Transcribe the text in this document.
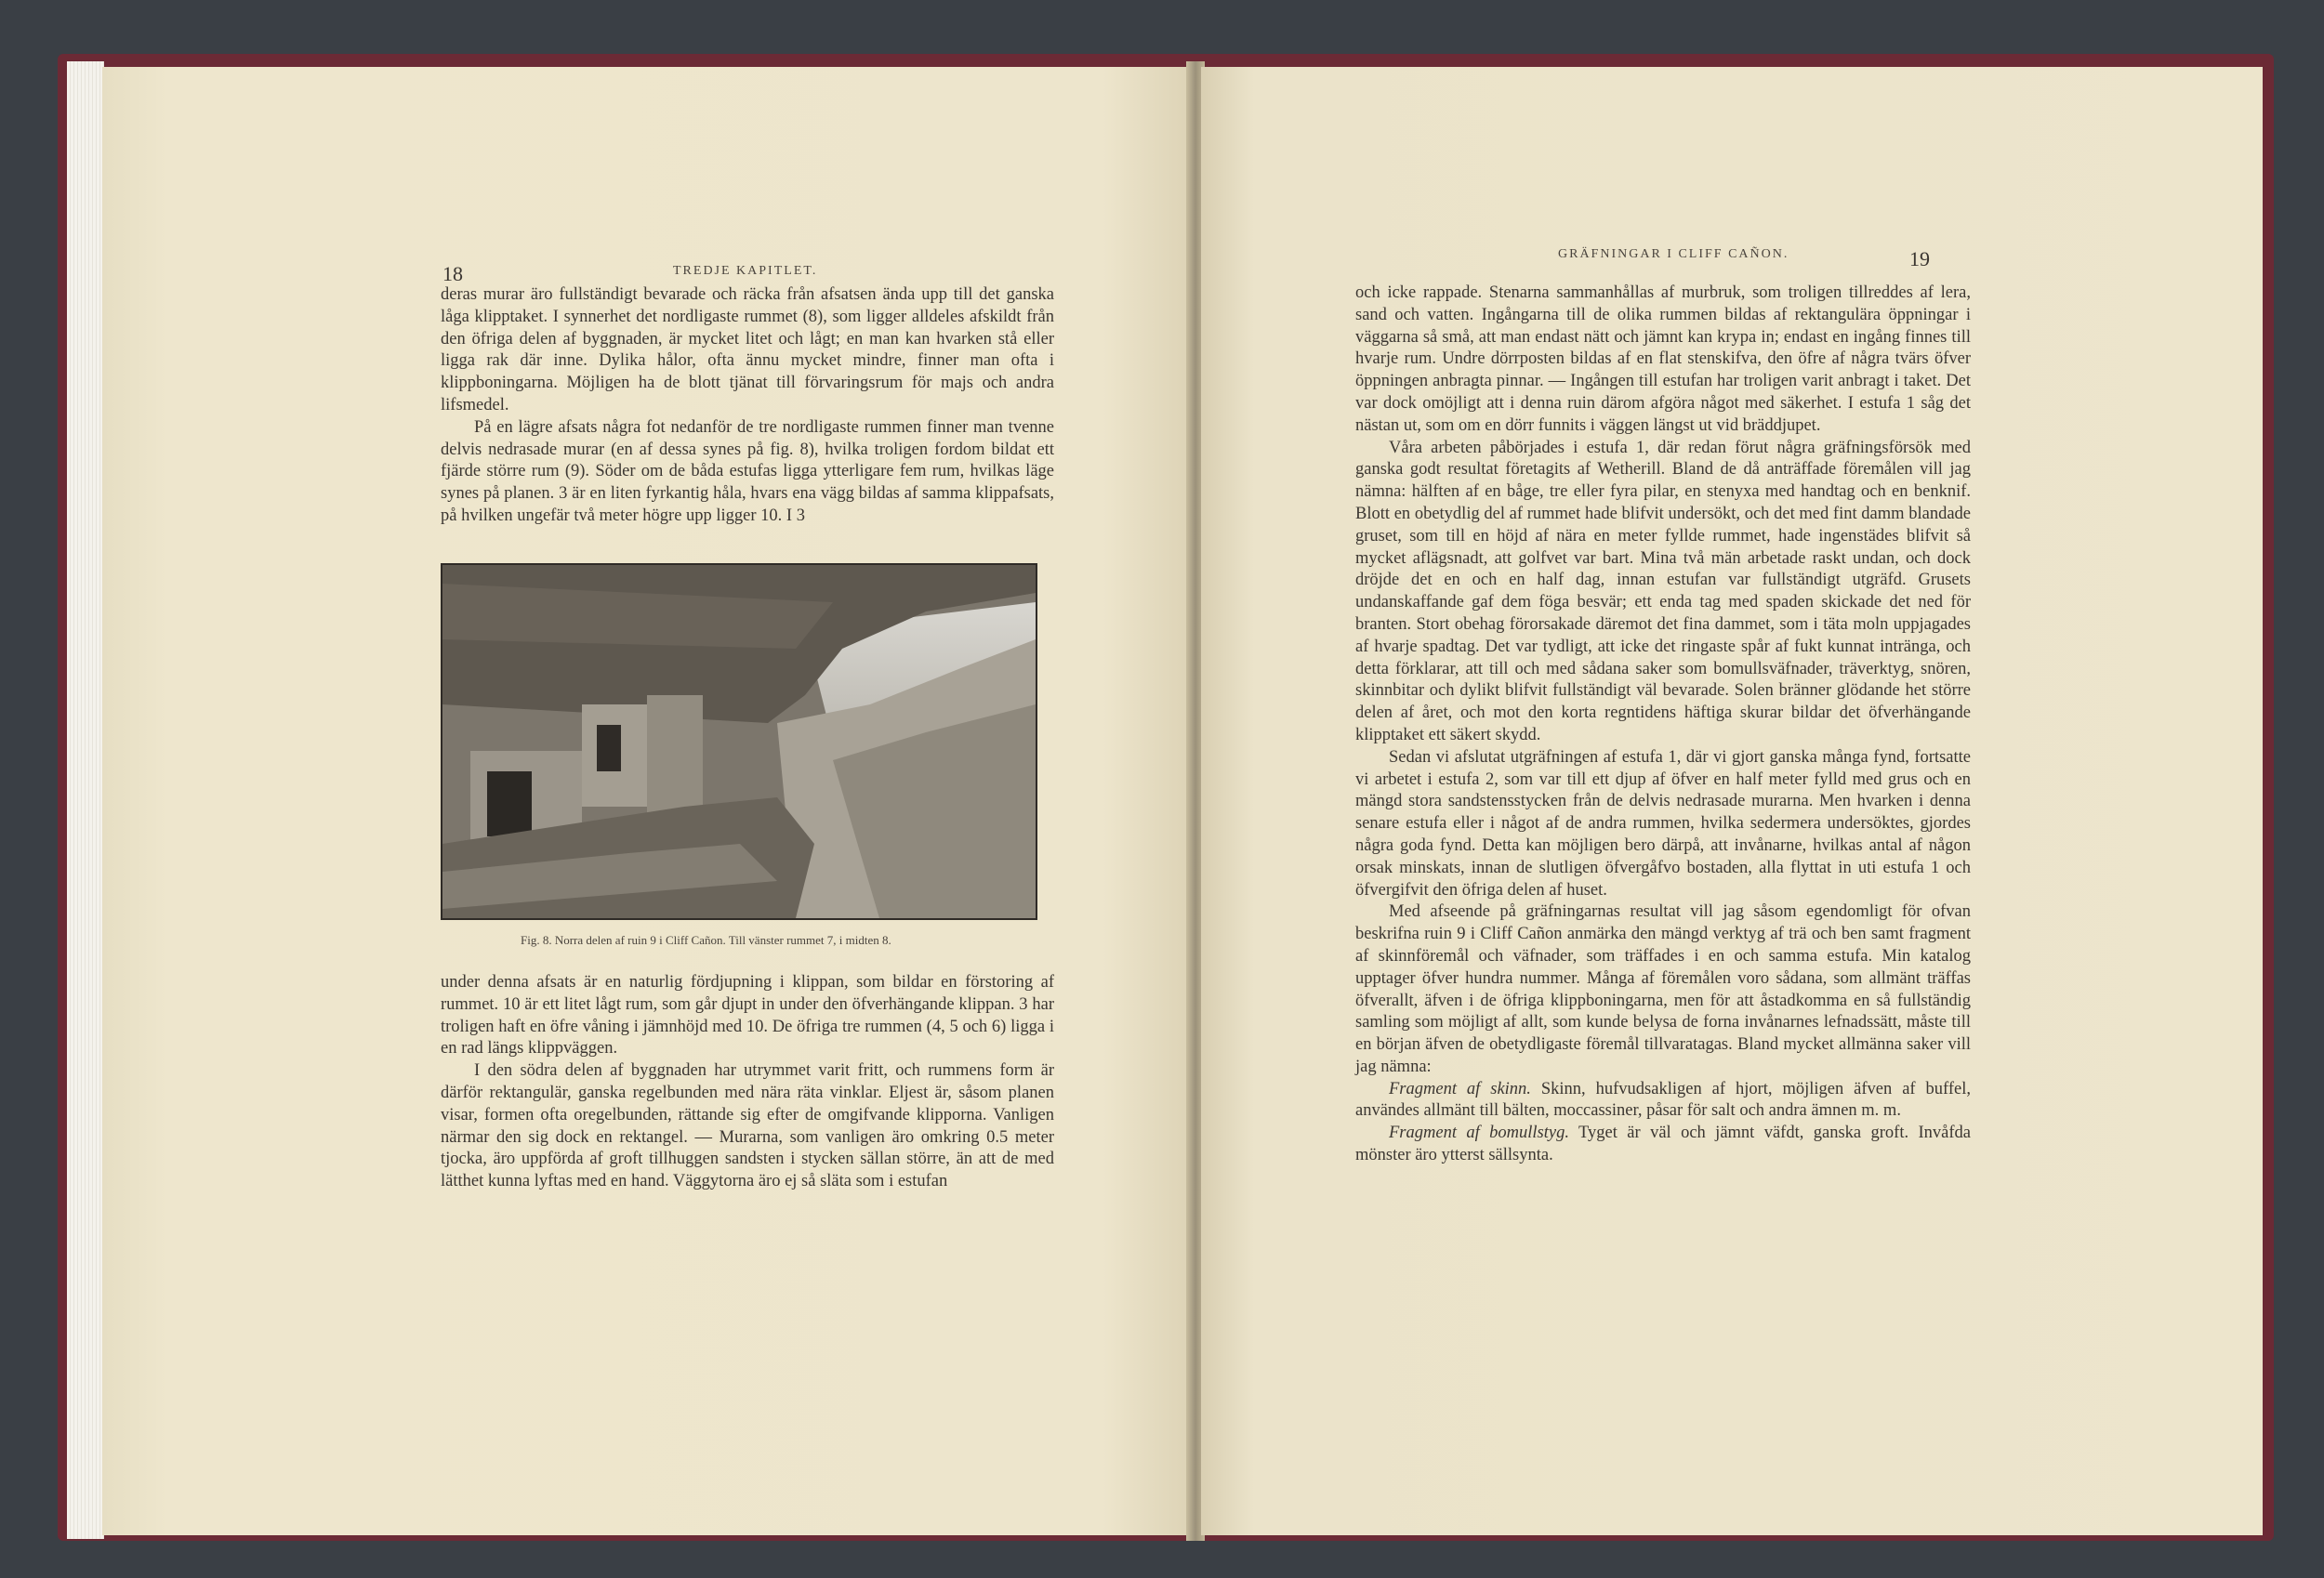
18	TREDJE KAPITLET.

deras murar äro fullständigt bevarade och räcka från afsatsen ända upp till det ganska låga klipptaket. I synnerhet det nordligaste rummet (8), som ligger alldeles afskildt från den öfriga delen af byggnaden, är mycket litet och lågt; en man kan hvarken stå eller ligga rak där inne. Dylika hålor, ofta ännu mycket mindre, finner man ofta i klippboningarna. Möjligen ha de blott tjänat till förvaringsrum för majs och andra lifsmedel.

På en lägre afsats några fot nedanför de tre nordligaste rummen finner man tvenne delvis nedrasade murar (en af dessa synes på fig. 8), hvilka troligen fordom bildat ett fjärde större rum (9). Söder om de båda estufas ligga ytterligare fem rum, hvilkas läge synes på planen. 3 är en liten fyrkantig håla, hvars ena vägg bildas af samma klippafsats, på hvilken ungefär två meter högre upp ligger 10. I 3

Fig. 8. Norra delen af ruin 9 i Cliff Cañon. Till vänster rummet 7, i midten 8.

under denna afsats är en naturlig fördjupning i klippan, som bildar en förstoring af rummet. 10 är ett litet lågt rum, som går djupt in under den öfverhängande klippan. 3 har troligen haft en öfre våning i jämnhöjd med 10. De öfriga tre rummen (4, 5 och 6) ligga i en rad längs klippväggen.

I den södra delen af byggnaden har utrymmet varit fritt, och rummens form är därför rektangulär, ganska regelbunden med nära räta vinklar. Eljest är, såsom planen visar, formen ofta oregelbunden, rättande sig efter de omgifvande klipporna. Vanligen närmar den sig dock en rektangel. — Murarna, som vanligen äro omkring 0.5 meter tjocka, äro uppförda af groft tillhuggen sandsten i stycken sällan större, än att de med lätthet kunna lyftas med en hand. Väggytorna äro ej så släta som i estufan

GRÄFNINGAR I CLIFF CAÑON.	19

och icke rappade. Stenarna sammanhållas af murbruk, som troligen tillreddes af lera, sand och vatten. Ingångarna till de olika rummen bildas af rektangulära öppningar i väggarna så små, att man endast nätt och jämnt kan krypa in; endast en ingång finnes till hvarje rum. Undre dörrposten bildas af en flat stenskifva, den öfre af några tvärs öfver öppningen anbragta pinnar. — Ingången till estufan har troligen varit anbragt i taket. Det var dock omöjligt att i denna ruin därom afgöra något med säkerhet. I estufa 1 såg det nästan ut, som om en dörr funnits i väggen längst ut vid bräddjupet.

Våra arbeten påbörjades i estufa 1, där redan förut några gräfningsförsök med ganska godt resultat företagits af Wetherill. Bland de då anträffade föremålen vill jag nämna: hälften af en båge, tre eller fyra pilar, en stenyxa med handtag och en benknif. Blott en obetydlig del af rummet hade blifvit undersökt, och det med fint damm blandade gruset, som till en höjd af nära en meter fyllde rummet, hade ingenstädes blifvit så mycket aflägsnadt, att golfvet var bart. Mina två män arbetade raskt undan, och dock dröjde det en och en half dag, innan estufan var fullständigt utgräfd. Grusets undanskaffande gaf dem föga besvär; ett enda tag med spaden skickade det ned för branten. Stort obehag förorsakade däremot det fina dammet, som i täta moln uppjagades af hvarje spadtag. Det var tydligt, att icke det ringaste spår af fukt kunnat intränga, och detta förklarar, att till och med sådana saker som bomullsväfnader, träverktyg, snören, skinnbitar och dylikt blifvit fullständigt väl bevarade. Solen bränner glödande het större delen af året, och mot den korta regntidens häftiga skurar bildar det öfverhängande klipptaket ett säkert skydd.

Sedan vi afslutat utgräfningen af estufa 1, där vi gjort ganska många fynd, fortsatte vi arbetet i estufa 2, som var till ett djup af öfver en half meter fylld med grus och en mängd stora sandstensstycken från de delvis nedrasade murarna. Men hvarken i denna senare estufa eller i något af de andra rummen, hvilka sedermera undersöktes, gjordes några goda fynd. Detta kan möjligen bero därpå, att invånarne, hvilkas antal af någon orsak minskats, innan de slutligen öfvergåfvo bostaden, alla flyttat in uti estufa 1 och öfvergifvit den öfriga delen af huset.

Med afseende på gräfningarnas resultat vill jag såsom egendomligt för ofvan beskrifna ruin 9 i Cliff Cañon anmärka den mängd verktyg af trä och ben samt fragment af skinnföremål och väfnader, som träffades i en och samma estufa. Min katalog upptager öfver hundra nummer. Många af föremålen voro sådana, som allmänt träffas öfverallt, äfven i de öfriga klippboningarna, men för att åstadkomma en så fullständig samling som möjligt af allt, som kunde belysa de forna invånarnes lefnadssätt, måste till en början äfven de obetydligaste föremål tillvaratagas. Bland mycket allmänna saker vill jag nämna:

Fragment af skinn. Skinn, hufvudsakligen af hjort, möjligen äfven af buffel, användes allmänt till bälten, moccassiner, påsar för salt och andra ämnen m. m.

Fragment af bomullstyg. Tyget är väl och jämnt väfdt, ganska groft. Invåfda mönster äro ytterst sällsynta.
